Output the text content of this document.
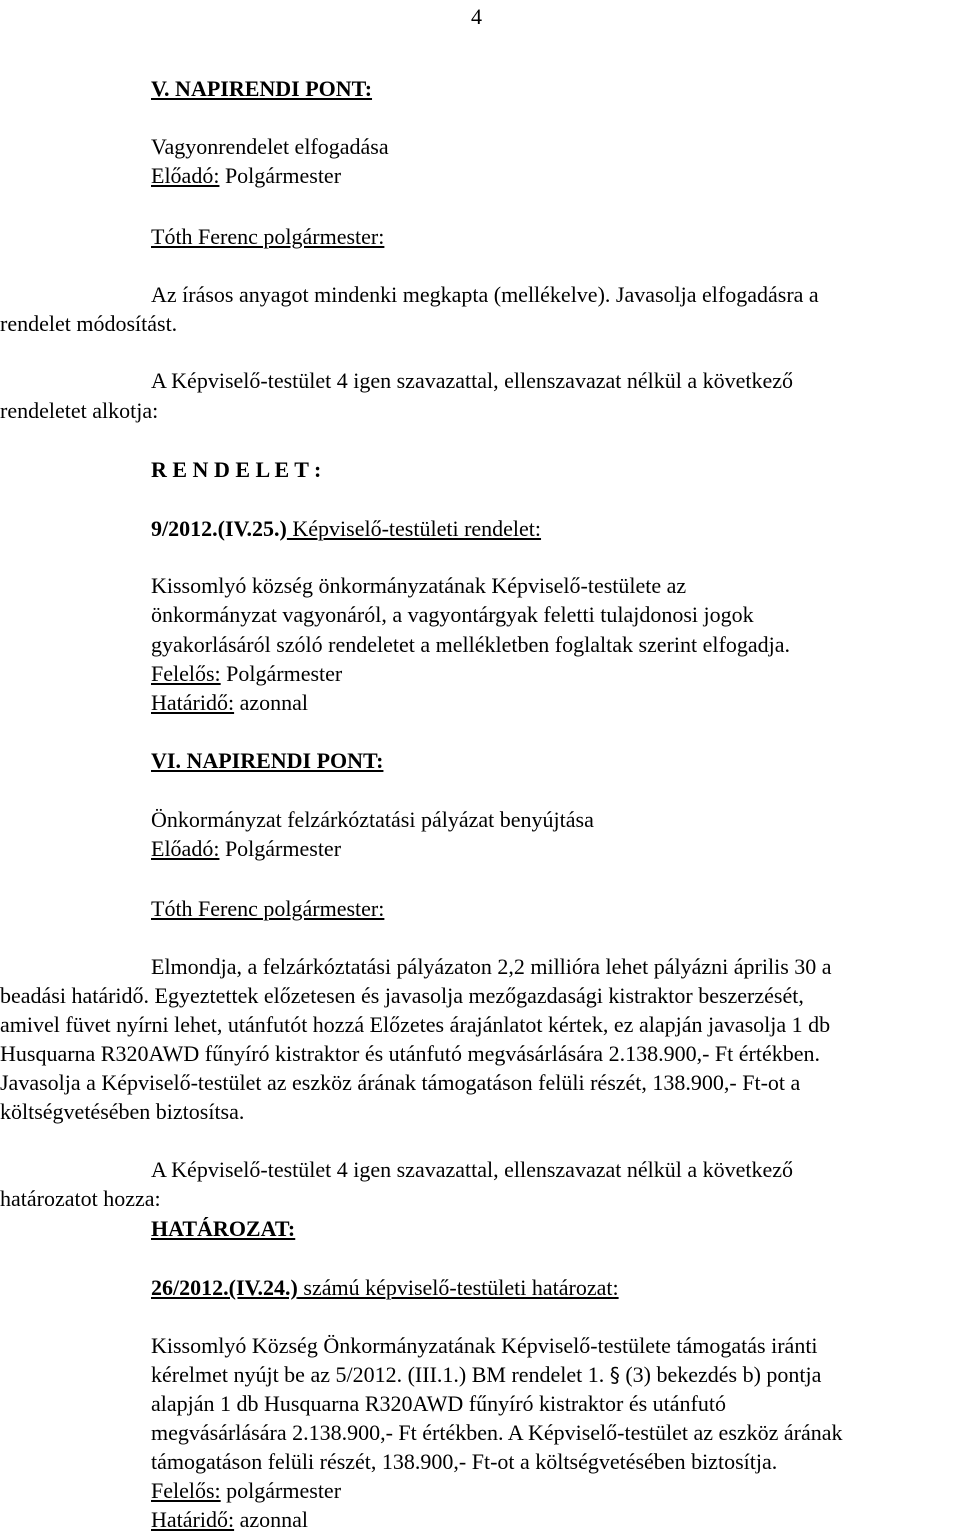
4
V. NAPIRENDI PONT:
Vagyonrendelet elfogadása
Előadó: Polgármester
Tóth Ferenc polgármester:
Az írásos anyagot mindenki megkapta (mellékelve). Javasolja elfogadásra a
rendelet módosítást.
A Képviselő-testület 4 igen szavazattal, ellenszavazat nélkül a következő
rendeletet alkotja:
R E N D E L E T :
9/2012.(IV.25.) Képviselő-testületi rendelet:
Kissomlyó község önkormányzatának Képviselő-testülete az
önkormányzat vagyonáról, a vagyontárgyak feletti tulajdonosi jogok
gyakorlásáról szóló rendeletet a mellékletben foglaltak szerint elfogadja.
Felelős: Polgármester
Határidő: azonnal
VI. NAPIRENDI PONT:
Önkormányzat felzárkóztatási pályázat benyújtása
Előadó: Polgármester
Tóth Ferenc polgármester:
Elmondja, a felzárkóztatási pályázaton 2,2 millióra lehet pályázni április 30 a
beadási határidő. Egyeztettek előzetesen és javasolja mezőgazdasági kistraktor beszerzését,
amivel füvet nyírni lehet, utánfutót hozzá Előzetes árajánlatot kértek, ez alapján javasolja 1 db
Husquarna R320AWD fűnyíró kistraktor és utánfutó megvásárlására 2.138.900,- Ft értékben.
Javasolja a Képviselő-testület az eszköz árának támogatáson felüli részét, 138.900,- Ft-ot a
költségvetésében biztosítsa.
A Képviselő-testület 4 igen szavazattal, ellenszavazat nélkül a következő
határozatot hozza:
HATÁROZAT:
26/2012.(IV.24.) számú képviselő-testületi határozat:
Kissomlyó Község Önkormányzatának Képviselő-testülete támogatás iránti
kérelmet nyújt be az 5/2012. (III.1.) BM rendelet 1. § (3) bekezdés b) pontja
alapján 1 db Husquarna R320AWD fűnyíró kistraktor és utánfutó
megvásárlására 2.138.900,- Ft értékben. A Képviselő-testület az eszköz árának
támogatáson felüli részét, 138.900,- Ft-ot a költségvetésében biztosítja.
Felelős: polgármester
Határidő: azonnal
